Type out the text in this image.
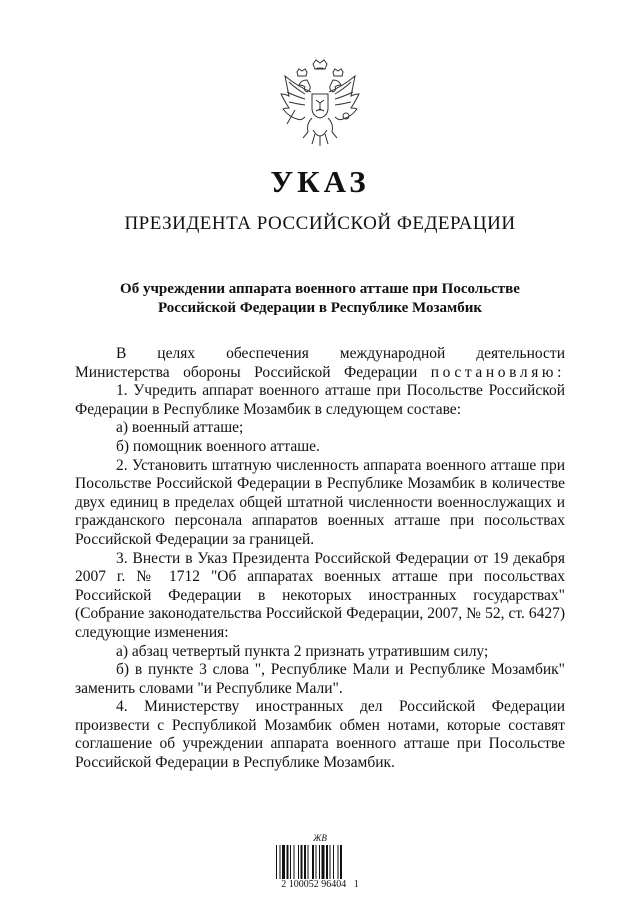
УКАЗ
ПРЕЗИДЕНТА РОССИЙСКОЙ ФЕДЕРАЦИИ
Об учреждении аппарата военного атташе при Посольстве
Российской Федерации в Республике Мозамбик

В целях обеспечения международной деятельности

Министерства обороны Российской Федерации постановляю:

1. Учредить аппарат военного атташе при Посольстве Российской Федерации в Республике Мозамбик в следующем составе:

а) военный атташе;

б) помощник военного атташе.

2. Установить штатную численность аппарата военного атташе при Посольстве Российской Федерации в Республике Мозамбик в количестве двух единиц в пределах общей штатной численности военнослужащих и гражданского персонала аппаратов военных атташе при посольствах Российской Федерации за границей.

3. Внести в Указ Президента Российской Федерации от 19 декабря 2007 г. № 1712 "Об аппаратах военных атташе при посольствах Российской Федерации в некоторых иностранных государствах" (Собрание законодательства Российской Федерации, 2007, № 52, ст. 6427) следующие изменения:

а) абзац четвертый пункта 2 признать утратившим силу;

б) в пункте 3 слова ", Республике Мали и Республике Мозамбик" заменить словами "и Республике Мали".

4. Министерству иностранных дел Российской Федерации произвести с Республикой Мозамбик обмен нотами, которые составят соглашение об учреждении аппарата военного атташе при Посольстве Российской Федерации в Республике Мозамбик.

ЖВ
2 100052 96404   1
